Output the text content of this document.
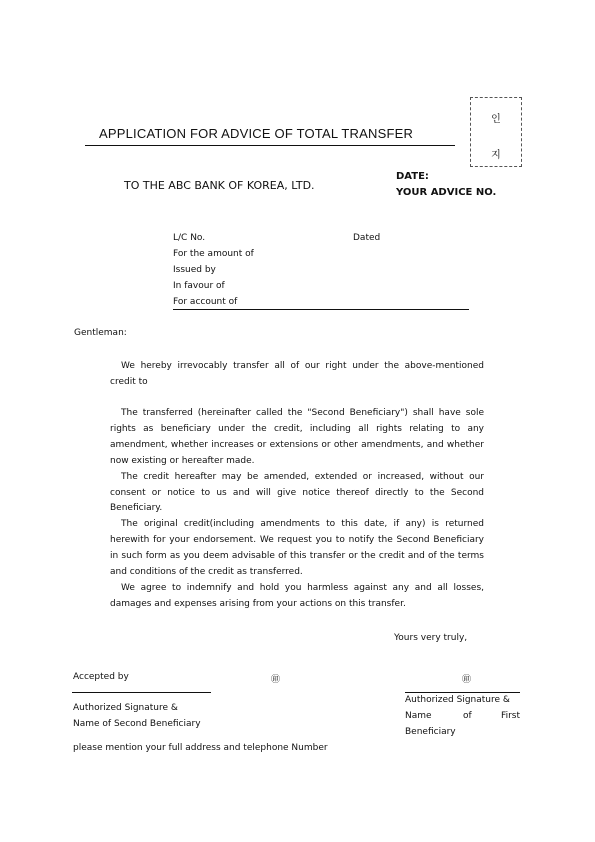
인
지
APPLICATION FOR ADVICE OF TOTAL TRANSFER
TO THE ABC BANK OF KOREA, LTD.
DATE:
YOUR ADVICE NO.
L/C No.	Dated
For the amount of
Issued by
In favour of
For account of
Gentleman:

We hereby irrevocably transfer all of our right under the above-mentioned credit to

The transferred (hereinafter called the "Second Beneficiary") shall have sole rights as beneficiary under the credit, including all rights relating to any amendment, whether increases or extensions or other amendments, and whether now existing or hereafter made.

The credit hereafter may be amended, extended or increased, without our consent or notice to us and will give notice thereof directly to the Second Beneficiary.

The original credit(including amendments to this date, if any) is returned herewith for your endorsement. We request you to notify the Second Beneficiary in such form as you deem advisable of this transfer or the credit and of the terms and conditions of the credit as transferred.

We agree to indemnify and hold you harmless against any and all losses, damages and expenses arising from your actions on this transfer.

Yours very truly,
Accepted by	㊞	㊞
Authorized Signature &
Name of Second Beneficiary
Authorized Signature &
Name	of	First
Beneficiary
please mention your full address and telephone Number
